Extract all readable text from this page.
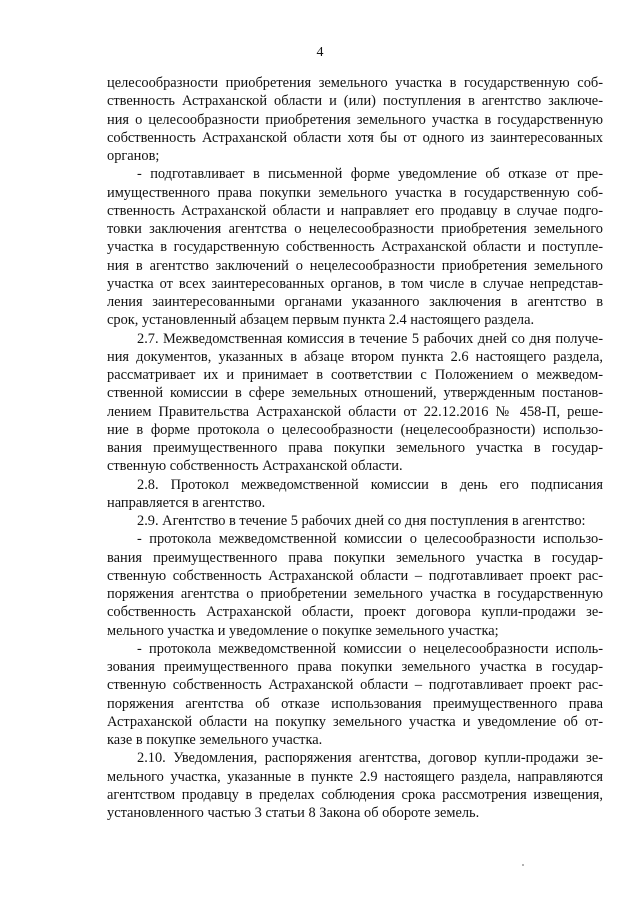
4
целесообразности приобретения земельного участка в государственную соб-
ственность Астраханской области и (или) поступления в агентство заключе-
ния о целесообразности приобретения земельного участка в государственную
собственность Астраханской области хотя бы от одного из заинтересованных
органов;
- подготавливает в письменной форме уведомление об отказе от пре-
имущественного права покупки земельного участка в государственную соб-
ственность Астраханской области и направляет его продавцу в случае подго-
товки заключения агентства о нецелесообразности приобретения земельного
участка в государственную собственность Астраханской области и поступле-
ния в агентство заключений о нецелесообразности приобретения земельного
участка от всех заинтересованных органов, в том числе в случае непредстав-
ления заинтересованными органами указанного заключения в агентство в
срок, установленный абзацем первым пункта 2.4 настоящего раздела.
2.7. Межведомственная комиссия в течение 5 рабочих дней со дня получе-
ния документов, указанных в абзаце втором пункта 2.6 настоящего раздела,
рассматривает их и принимает в соответствии с Положением о межведом-
ственной комиссии в сфере земельных отношений, утвержденным постанов-
лением Правительства Астраханской области от 22.12.2016 № 458-П, реше-
ние в форме протокола о целесообразности (нецелесообразности) использо-
вания преимущественного права покупки земельного участка в государ-
ственную собственность Астраханской области.
2.8. Протокол межведомственной комиссии в день его подписания
направляется в агентство.
2.9. Агентство в течение 5 рабочих дней со дня поступления в агентство:
- протокола межведомственной комиссии о целесообразности использо-
вания преимущественного права покупки земельного участка в государ-
ственную собственность Астраханской области – подготавливает проект рас-
поряжения агентства о приобретении земельного участка в государственную
собственность Астраханской области, проект договора купли-продажи зе-
мельного участка и уведомление о покупке земельного участка;
- протокола межведомственной комиссии о нецелесообразности исполь-
зования преимущественного права покупки земельного участка в государ-
ственную собственность Астраханской области – подготавливает проект рас-
поряжения агентства об отказе использования преимущественного права
Астраханской области на покупку земельного участка и уведомление об от-
казе в покупке земельного участка.
2.10. Уведомления, распоряжения агентства, договор купли-продажи зе-
мельного участка, указанные в пункте 2.9 настоящего раздела, направляются
агентством продавцу в пределах соблюдения срока рассмотрения извещения,
установленного частью 3 статьи 8 Закона об обороте земель.
